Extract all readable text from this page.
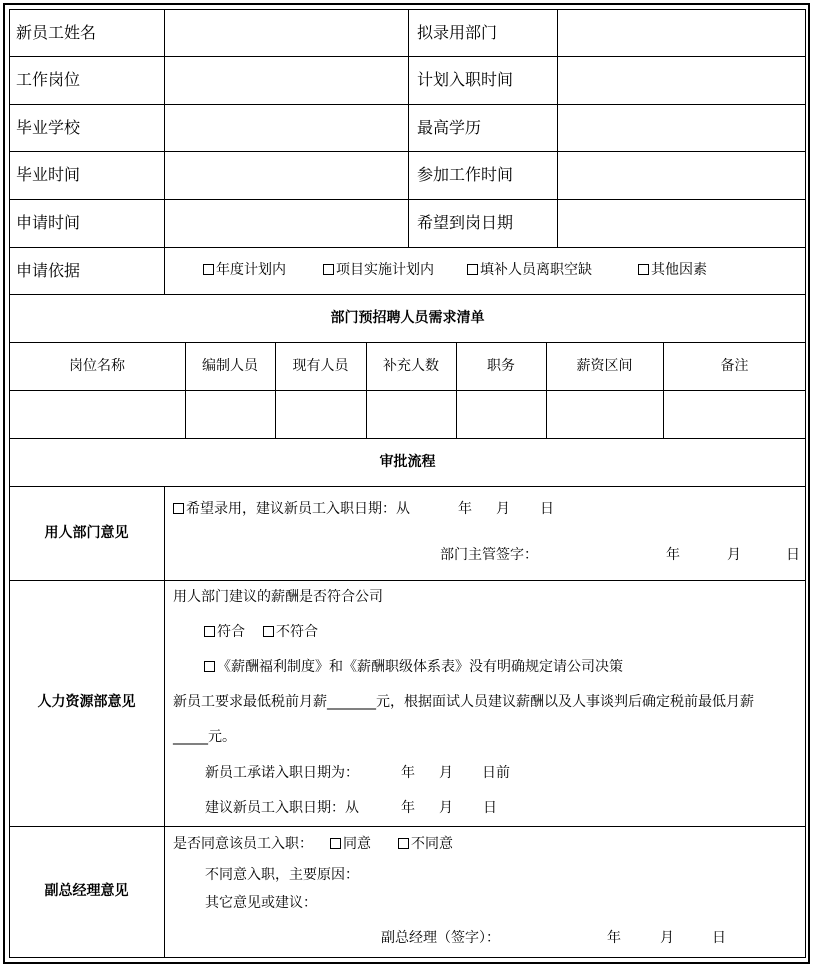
新员工姓名	拟录用部门
工作岗位	计划入职时间
毕业学校	最高学历
毕业时间	参加工作时间
申请时间	希望到岗日期
申请依据	年度计划内	项目实施计划内	填补人员离职空缺	其他因素
部门预招聘人员需求清单
岗位名称	编制人员	现有人员	补充人数	职务	薪资区间	备注
审批流程
用人部门意见
希望录用，建议新员工入职日期：从	年 月 日
部门主管签字：	年	月	日
人力资源部意见
用人部门建议的薪酬是否符合公司
符合	不符合
《薪酬福利制度》和《薪酬职级体系表》没有明确规定请公司决策
新员工要求最低税前月薪_______元，根据面试人员建议薪酬以及人事谈判后确定税前最低月薪
_____元。
新员工承诺入职日期为：	年 月 日前
建议新员工入职日期：从	年 月 日
副总经理意见
是否同意该员工入职：	同意	不同意
不同意入职，主要原因：
其它意见或建议：
副总经理（签字）：	年	月	日
